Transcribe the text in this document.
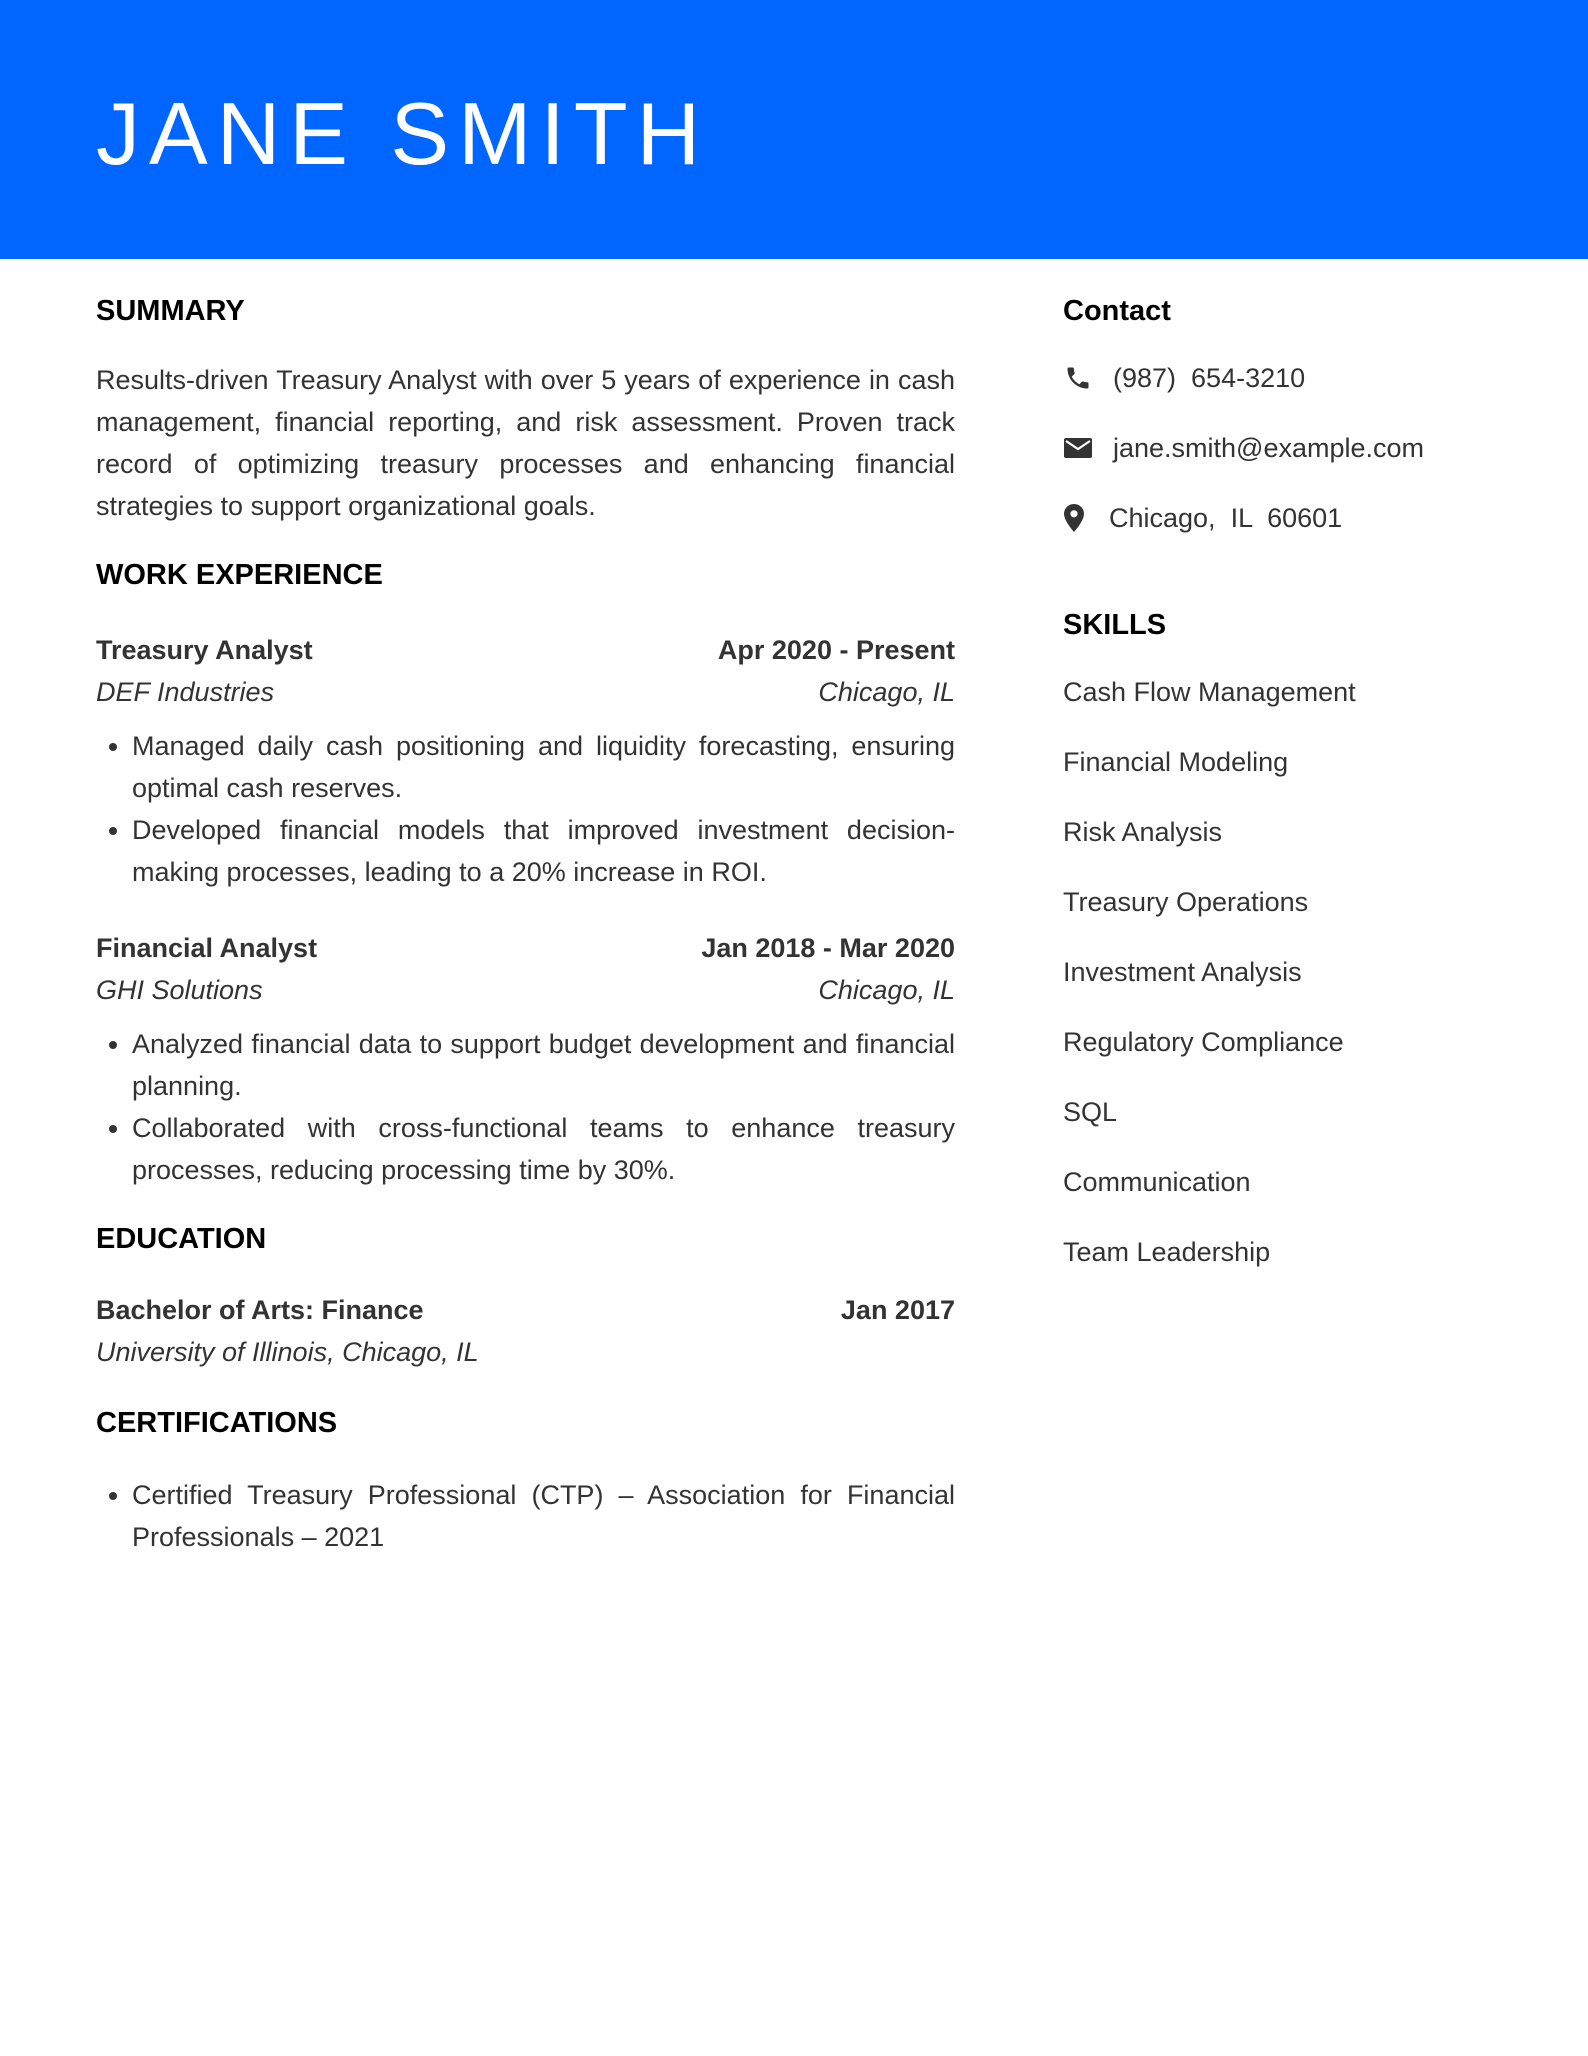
JANE SMITH
SUMMARY

Results-driven Treasury Analyst with over 5 years of experience in cash management, financial reporting, and risk assessment. Proven track record of optimizing treasury processes and enhancing financial strategies to support organizational goals.

WORK EXPERIENCE
Treasury Analyst	Apr 2020 - Present
DEF Industries	Chicago, IL
• Managed daily cash positioning and liquidity forecasting, ensuring optimal cash reserves.
• Developed financial models that improved investment decision-making processes, leading to a 20% increase in ROI.
Financial Analyst	Jan 2018 - Mar 2020
GHI Solutions	Chicago, IL
• Analyzed financial data to support budget development and financial planning.
• Collaborated with cross-functional teams to enhance treasury processes, reducing processing time by 30%.
EDUCATION
Bachelor of Arts: Finance	Jan 2017
University of Illinois, Chicago, IL
CERTIFICATIONS
• Certified Treasury Professional (CTP) – Association for Financial Professionals – 2021
Contact
(987)  654-3210
jane.smith@example.com
Chicago,  IL  60601
SKILLS
Cash Flow Management
Financial Modeling
Risk Analysis
Treasury Operations
Investment Analysis
Regulatory Compliance
SQL
Communication
Team Leadership
